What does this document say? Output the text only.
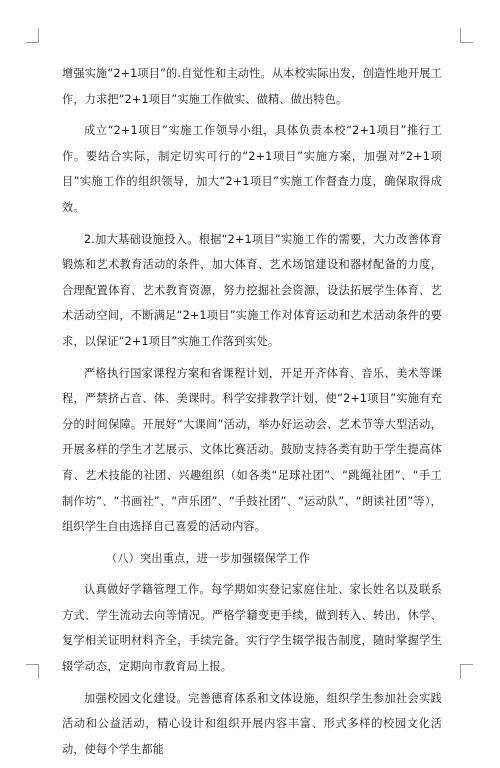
增强实施“2+1项目”的.自觉性和主动性。从本校实际出发，创造性地开展工作，力求把“2+1项目”实施工作做实、做精、做出特色。

成立“2+1项目”实施工作领导小组，具体负责本校“2+1项目”推行工作。要结合实际，制定切实可行的“2+1项目”实施方案，加强对“2+1项目”实施工作的组织领导，加大“2+1项目”实施工作督查力度，确保取得成效。

2.加大基础设施投入。根据“2+1项目”实施工作的需要，大力改善体育锻炼和艺术教育活动的条件，加大体育、艺术场馆建设和器材配备的力度，合理配置体育、艺术教育资源，努力挖掘社会资源，设法拓展学生体育、艺术活动空间，不断满足“2+1项目”实施工作对体育运动和艺术活动条件的要求，以保证“2+1项目”实施工作落到实处。

严格执行国家课程方案和省课程计划，开足开齐体育、音乐、美术等课程，严禁挤占音、体、美课时。科学安排教学计划，使“2+1项目”实施有充分的时间保障。开展好“大课间”活动，举办好运动会、艺术节等大型活动，开展多样的学生才艺展示、文体比赛活动。鼓励支持各类有助于学生提高体育、艺术技能的社团、兴趣组织（如各类“足球社团”、“跳绳社团”、“手工制作坊”、“书画社”、“声乐团”、“手鼓社团”、“运动队”、“朗读社团”等），组织学生自由选择自己喜爱的活动内容。

（八）突出重点，进一步加强辍保学工作

认真做好学籍管理工作。每学期如实登记家庭住址、家长姓名以及联系方式、学生流动去向等情况。严格学籍变更手续，做到转入、转出、休学、复学相关证明材料齐全，手续完备。实行学生辍学报告制度，随时掌握学生辍学动态，定期向市教育局上报。

加强校园文化建设。完善德育体系和文体设施，组织学生参加社会实践活动和公益活动，精心设计和组织开展内容丰富、形式多样的校园文化活动，使每个学生都能
